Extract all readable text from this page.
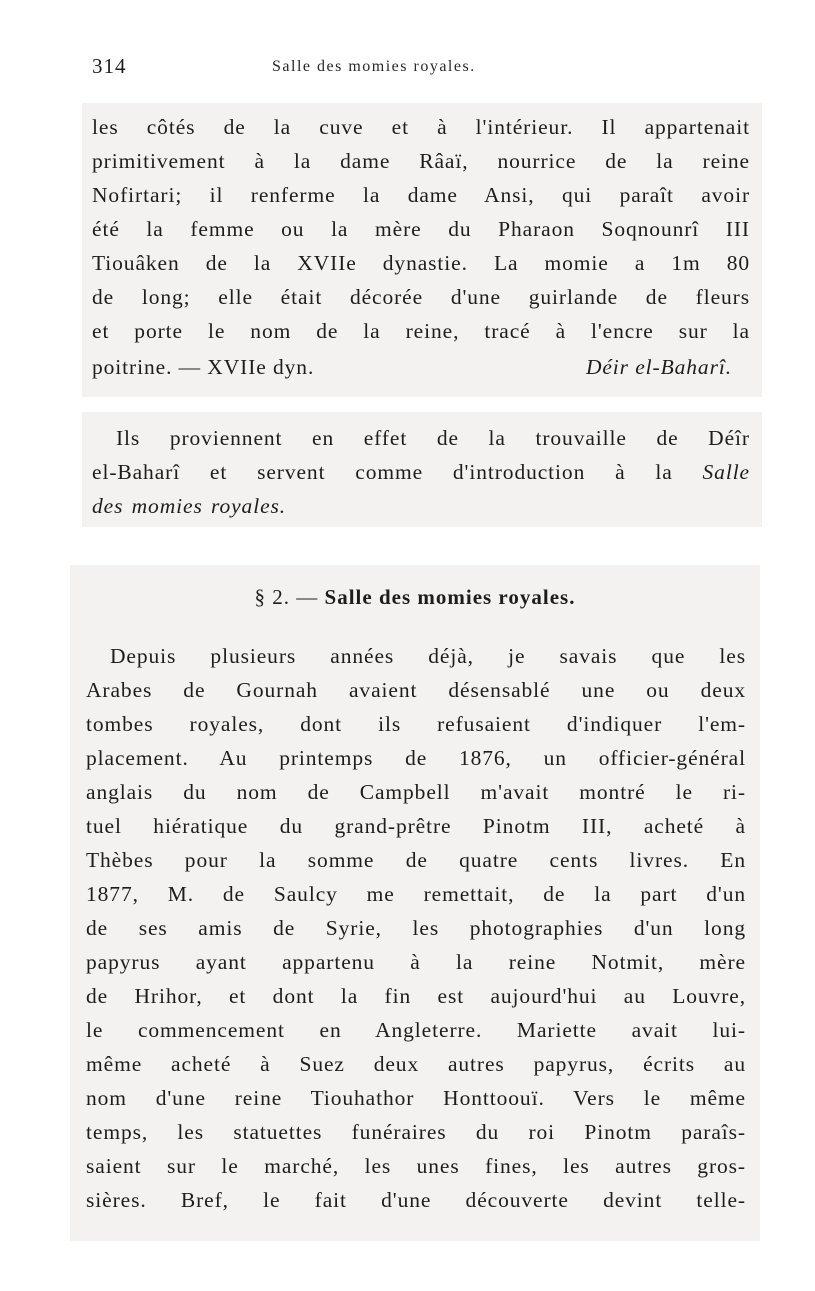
314	Salle des momies royales.
les côtés de la cuve et à l'intérieur. Il appartenait
primitivement à la dame Râaï, nourrice de la reine
Nofirtari; il renferme la dame Ansi, qui paraît avoir
été la femme ou la mère du Pharaon Soqnounrî III
Tiouâken de la XVIIe dynastie. La momie a 1m 80
de long; elle était décorée d'une guirlande de fleurs
et porte le nom de la reine, tracé à l'encre sur la
poitrine. — XVIIe dyn.	Déir el-Baharî.
Ils proviennent en effet de la trouvaille de Déîr
el-Baharî et servent comme d'introduction à la Salle
des momies royales.
§ 2. — Salle des momies royales.
Depuis plusieurs années déjà, je savais que les
Arabes de Gournah avaient désensablé une ou deux
tombes royales, dont ils refusaient d'indiquer l'em-
placement. Au printemps de 1876, un officier-général
anglais du nom de Campbell m'avait montré le ri-
tuel hiératique du grand-prêtre Pinotm III, acheté à
Thèbes pour la somme de quatre cents livres. En
1877, M. de Saulcy me remettait, de la part d'un
de ses amis de Syrie, les photographies d'un long
papyrus ayant appartenu à la reine Notmit, mère
de Hrihor, et dont la fin est aujourd'hui au Louvre,
le commencement en Angleterre. Mariette avait lui-
même acheté à Suez deux autres papyrus, écrits au
nom d'une reine Tiouhathor Honttoouï. Vers le même
temps, les statuettes funéraires du roi Pinotm paraîs-
saient sur le marché, les unes fines, les autres gros-
sières. Bref, le fait d'une découverte devint telle-
